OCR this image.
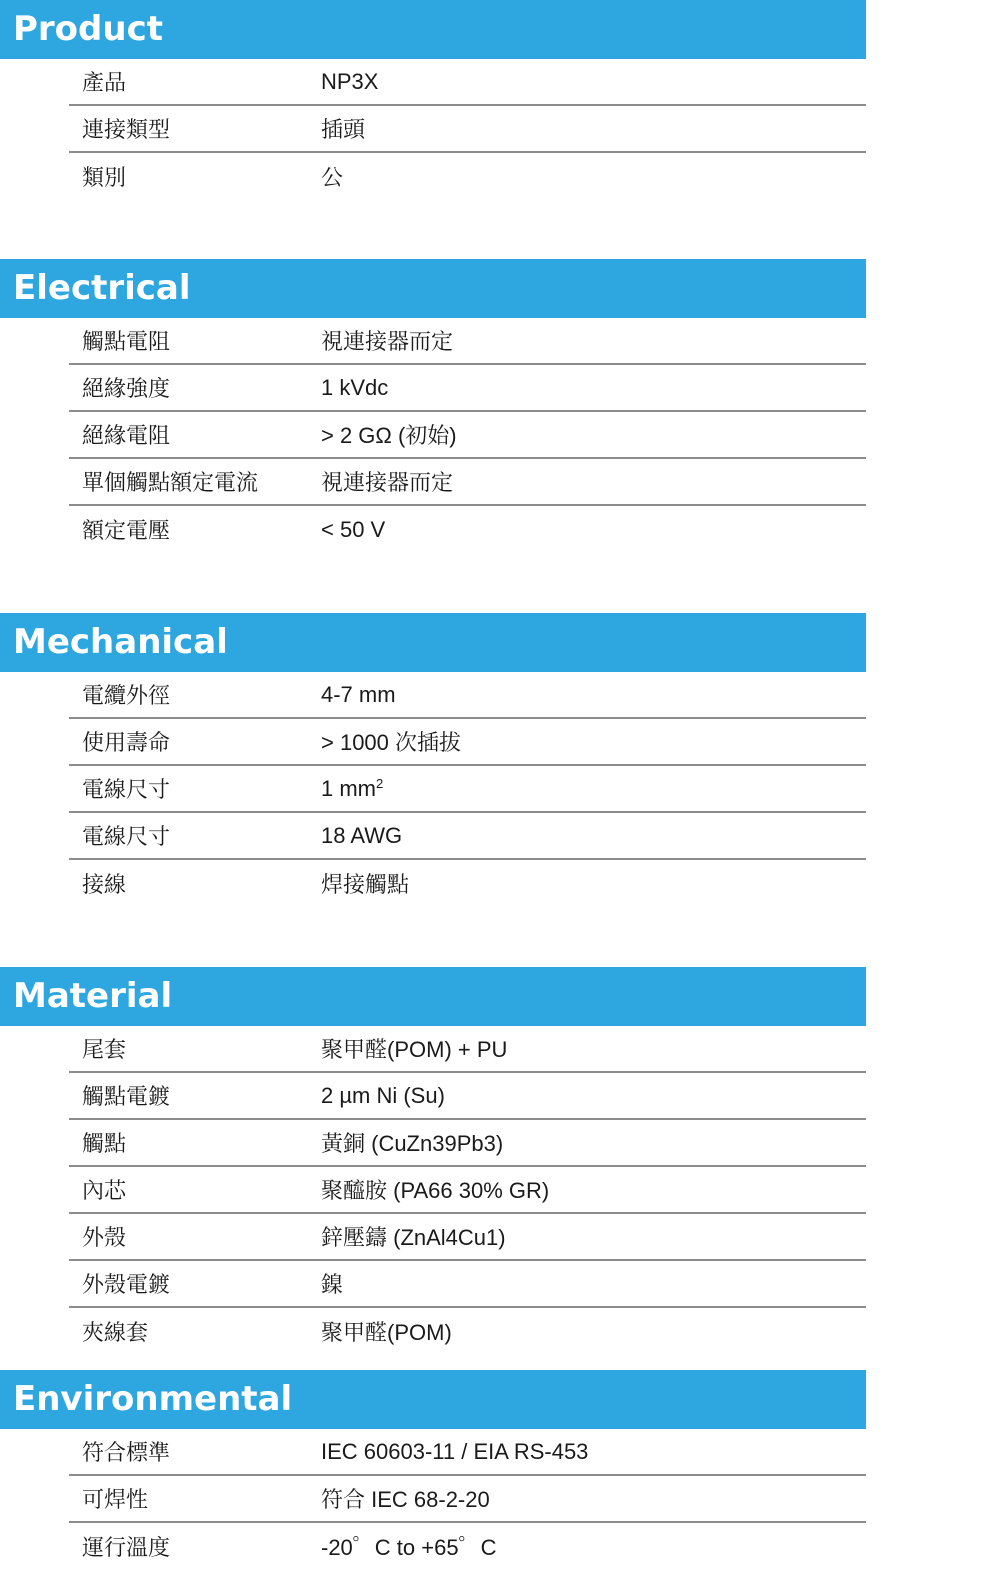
Product
產品	NP3X
連接類型	插頭
類別	公
Electrical
觸點電阻	視連接器而定
絕緣強度	1 kVdc
絕緣電阻	> 2 GΩ (初始)
單個觸點額定電流	視連接器而定
額定電壓	< 50 V
Mechanical
電纜外徑	4-7 mm
使用壽命	> 1000 次插拔
電線尺寸	1 $mm^2$
電線尺寸	18 AWG
接線	焊接觸點
Material
尾套	聚甲醛(POM) + PU
觸點電鍍	2 µm Ni (Su)
觸點	黃銅 (CuZn39Pb3)
內芯	聚醯胺 (PA66 30% GR)
外殼	鋅壓鑄 (ZnAl4Cu1)
外殼電鍍	鎳
夾線套	聚甲醛(POM)
Environmental
符合標準	IEC 60603-11 / EIA RS-453
可焊性	符合 IEC 68-2-20
運行溫度	-20゜C to +65゜C
